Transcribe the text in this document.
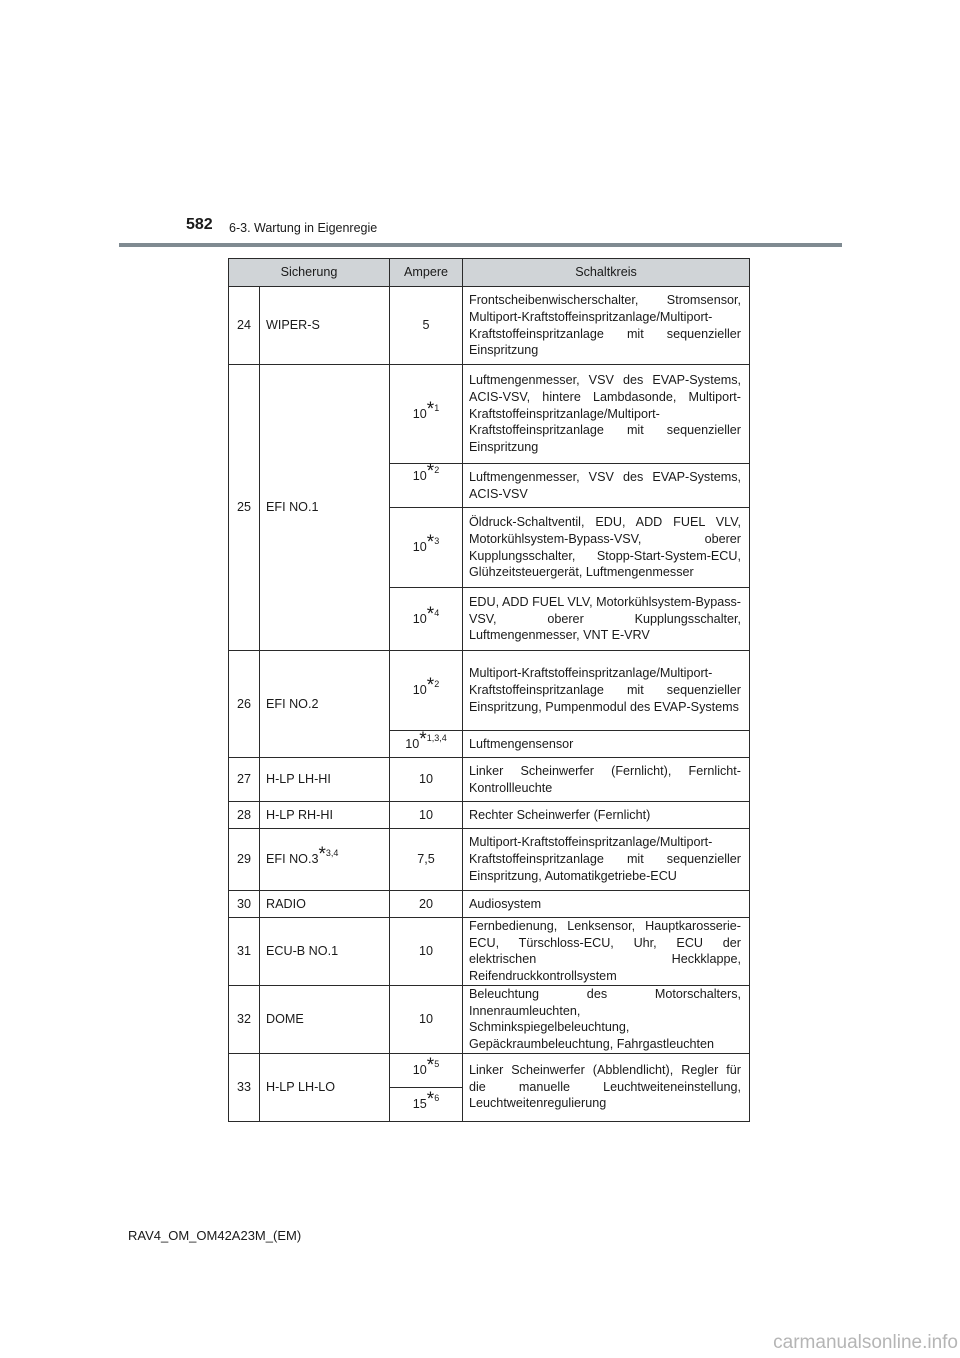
582 6-3. Wartung in Eigenregie
Sicherung		Ampere	Schaltkreis
24	WIPER-S	5	Frontscheibenwischerschalter, Stromsensor, Multiport-Kraftstoffeinspritzanlage/Multiport-Kraftstoffeinspritzanlage mit sequenzieller Einspritzung
25	EFI NO.1	10*$^1$	Luftmengenmesser, VSV des EVAP-Systems, ACIS-VSV, hintere Lambdasonde, Multiport-Kraftstoffeinspritzanlage/Multiport-Kraftstoffeinspritzanlage mit sequenzieller Einspritzung
		10*$^2$	Luftmengenmesser, VSV des EVAP-Systems, ACIS-VSV
		10*$^3$	Öldruck-Schaltventil, EDU, ADD FUEL VLV, Motorkühlsystem-Bypass-VSV, oberer Kupplungsschalter, Stopp-Start-System-ECU, Glühzeitsteuergerät, Luftmengenmesser
		10*$^4$	EDU, ADD FUEL VLV, Motorkühlsystem-Bypass-VSV, oberer Kupplungsschalter, Luftmengenmesser, VNT E-VRV
26	EFI NO.2	10*$^2$	Multiport-Kraftstoffeinspritzanlage/Multiport-Kraftstoffeinspritzanlage mit sequenzieller Einspritzung, Pumpenmodul des EVAP-Systems
		10*$^{1,3,4}$	Luftmengensensor
27	H-LP LH-HI	10	Linker Scheinwerfer (Fernlicht), Fernlicht-Kontrollleuchte
28	H-LP RH-HI	10	Rechter Scheinwerfer (Fernlicht)
29	EFI NO.3*$^{3,4}$	7,5	Multiport-Kraftstoffeinspritzanlage/Multiport-Kraftstoffeinspritzanlage mit sequenzieller Einspritzung, Automatikgetriebe-ECU
30	RADIO	20	Audiosystem
31	ECU-B NO.1	10	Fernbedienung, Lenksensor, Hauptkarosserie-ECU, Türschloss-ECU, Uhr, ECU der elektrischen Heckklappe, Reifendruckkontrollsystem
32	DOME	10	Beleuchtung des Motorschalters, Innenraumleuchten, Schminkspiegelbeleuchtung, Gepäckraumbeleuchtung, Fahrgastleuchten
33	H-LP LH-LO	10*$^5$	Linker Scheinwerfer (Abblendlicht), Regler für die manuelle Leuchtweiteneinstellung, Leuchtweitenregulierung
		15*$^6$
RAV4_OM_OM42A23M_(EM)
carmanualsonline.info
